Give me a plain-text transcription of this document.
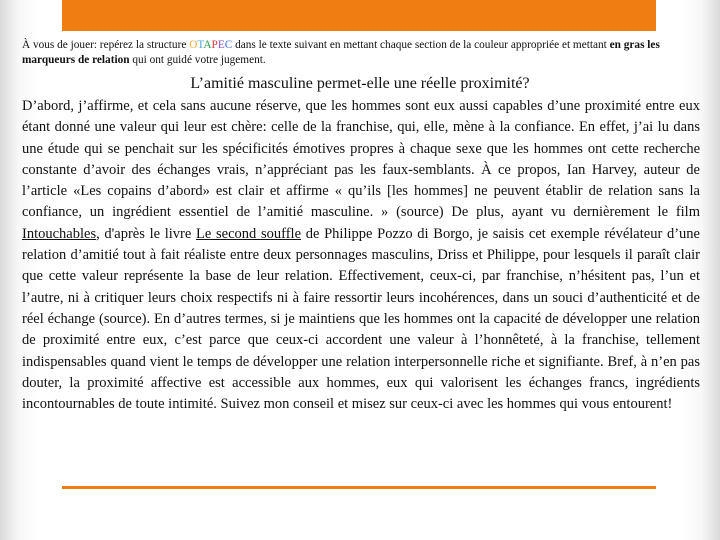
À vous de jouer: repérez la structure OTAPEC dans le texte suivant en mettant chaque section de la couleur appropriée et mettant en gras les marqueurs de relation qui ont guidé votre jugement.
L’amitié masculine permet-elle une réelle proximité?
D’abord, j’affirme, et cela sans aucune réserve, que les hommes sont eux aussi capables d’une proximité entre eux étant donné une valeur qui leur est chère: celle de la franchise, qui, elle, mène à la confiance. En effet, j’ai lu dans une étude qui se penchait sur les spécificités émotives propres à chaque sexe que les hommes ont cette recherche constante d’avoir des échanges vrais, n’appréciant pas les faux-semblants. À ce propos, Ian Harvey, auteur de l’article «Les copains d’abord» est clair et affirme « qu’ils [les hommes] ne peuvent établir de relation sans la confiance, un ingrédient essentiel de l’amitié masculine. » (source) De plus, ayant vu dernièrement le film Intouchables, d'après le livre Le second souffle de Philippe Pozzo di Borgo, je saisis cet exemple révélateur d’une relation d’amitié tout à fait réaliste entre deux personnages masculins, Driss et Philippe, pour lesquels il paraît clair que cette valeur représente la base de leur relation. Effectivement, ceux-ci, par franchise, n’hésitent pas, l’un et l’autre, ni à critiquer leurs choix respectifs ni à faire ressortir leurs incohérences, dans un souci d’authenticité et de réel échange (source). En d’autres termes, si je maintiens que les hommes ont la capacité de développer une relation de proximité entre eux, c’est parce que ceux-ci accordent une valeur à l’honnêteté, à la franchise, tellement indispensables quand vient le temps de développer une relation interpersonnelle riche et signifiante. Bref, à n’en pas douter, la proximité affective est accessible aux hommes, eux qui valorisent les échanges francs, ingrédients incontournables de toute intimité. Suivez mon conseil et misez sur ceux-ci avec les hommes qui vous entourent!
